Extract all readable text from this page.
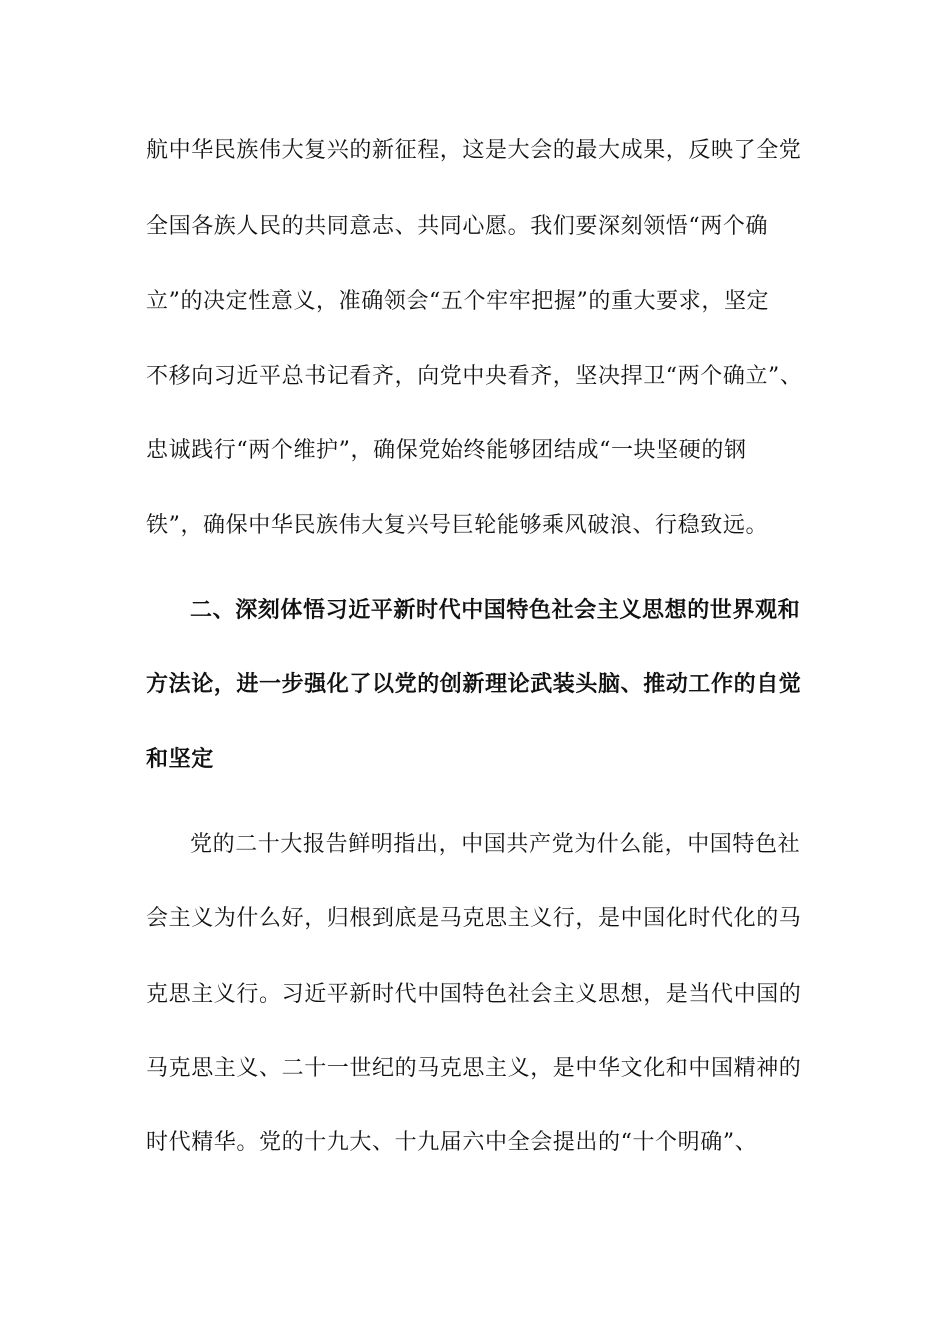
航中华民族伟大复兴的新征程，这是大会的最大成果，反映了全党
全国各族人民的共同意志、共同心愿。我们要深刻领悟“两个确
立”的决定性意义，准确领会“五个牢牢把握”的重大要求，坚定
不移向习近平总书记看齐，向党中央看齐，坚决捍卫“两个确立”、
忠诚践行“两个维护”，确保党始终能够团结成“一块坚硬的钢
铁”，确保中华民族伟大复兴号巨轮能够乘风破浪、行稳致远。
二、深刻体悟习近平新时代中国特色社会主义思想的世界观和
方法论，进一步强化了以党的创新理论武装头脑、推动工作的自觉
和坚定
党的二十大报告鲜明指出，中国共产党为什么能，中国特色社
会主义为什么好，归根到底是马克思主义行，是中国化时代化的马
克思主义行。习近平新时代中国特色社会主义思想，是当代中国的
马克思主义、二十一世纪的马克思主义，是中华文化和中国精神的
时代精华。党的十九大、十九届六中全会提出的“十个明确”、
